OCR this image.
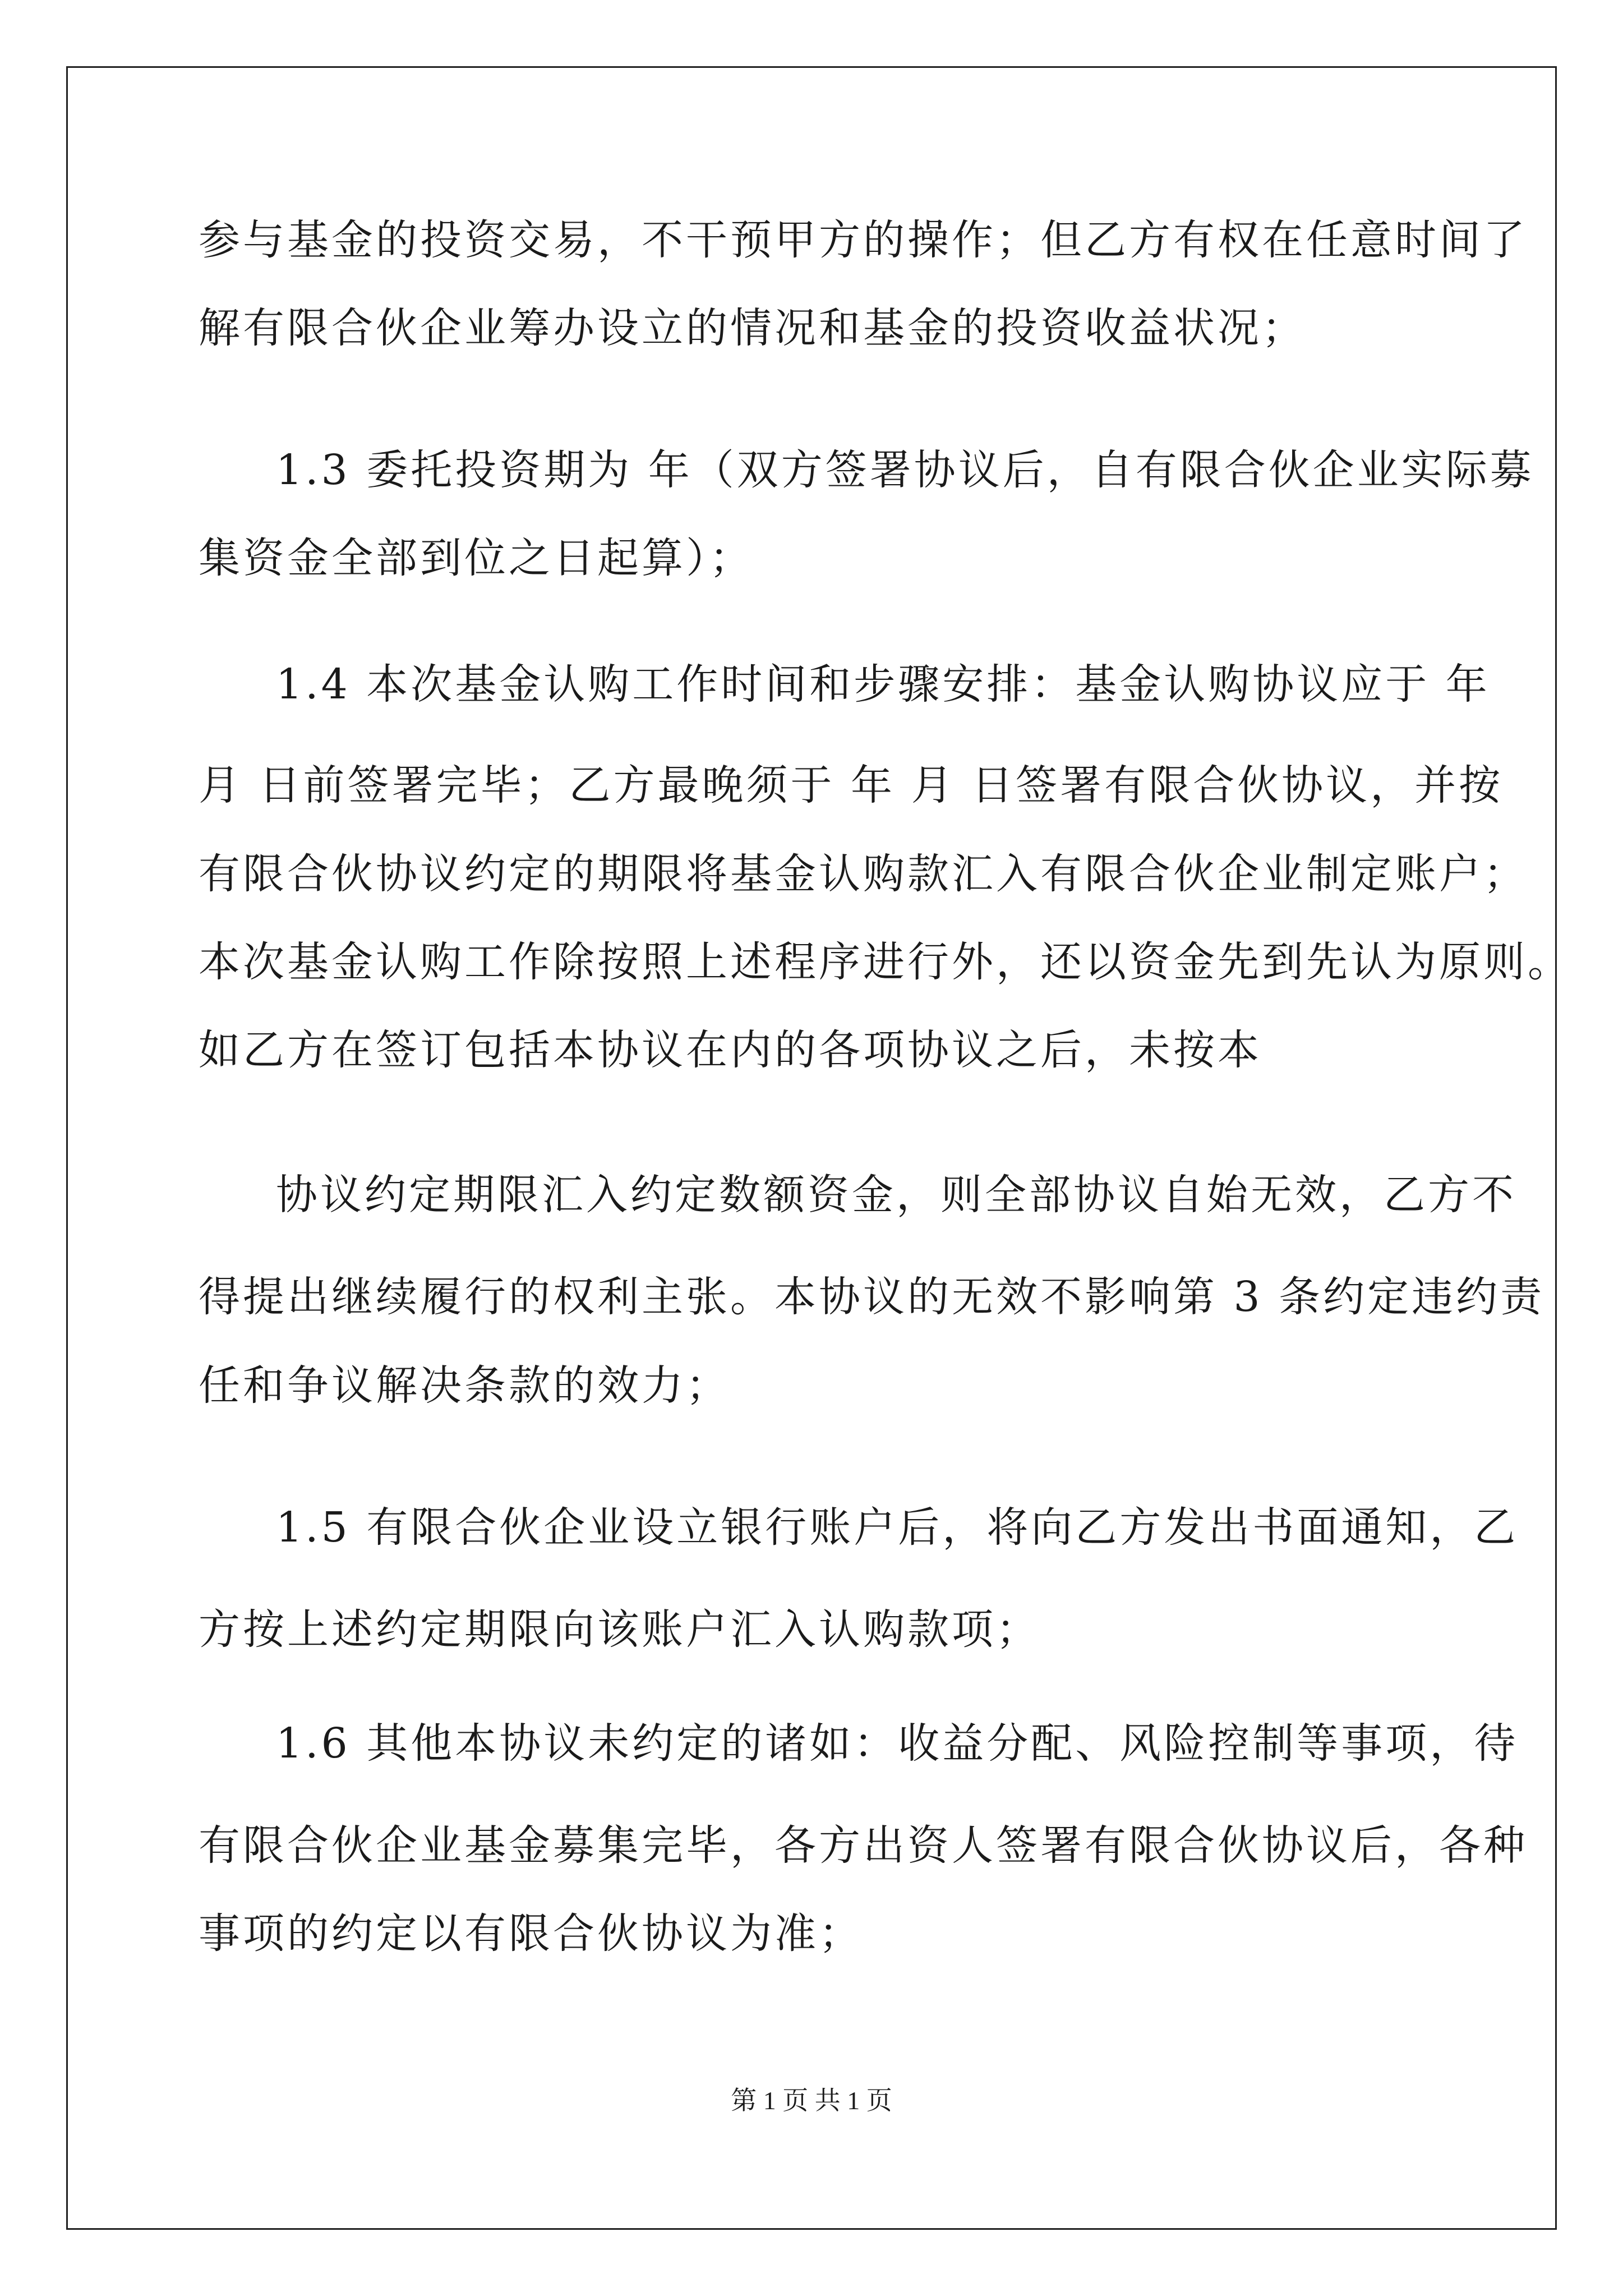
参与基金的投资交易，不干预甲方的操作；但乙方有权在任意时间了
解有限合伙企业筹办设立的情况和基金的投资收益状况；
1.3 委托投资期为 年（双方签署协议后，自有限合伙企业实际募
集资金全部到位之日起算）；
1.4 本次基金认购工作时间和步骤安排：基金认购协议应于 年
月 日前签署完毕；乙方最晚须于 年 月 日签署有限合伙协议，并按
有限合伙协议约定的期限将基金认购款汇入有限合伙企业制定账户；
本次基金认购工作除按照上述程序进行外，还以资金先到先认为原则。
如乙方在签订包括本协议在内的各项协议之后，未按本
协议约定期限汇入约定数额资金，则全部协议自始无效，乙方不
得提出继续履行的权利主张。本协议的无效不影响第 3 条约定违约责
任和争议解决条款的效力；
1.5 有限合伙企业设立银行账户后，将向乙方发出书面通知，乙
方按上述约定期限向该账户汇入认购款项；
1.6 其他本协议未约定的诸如：收益分配、风险控制等事项，待
有限合伙企业基金募集完毕，各方出资人签署有限合伙协议后，各种
事项的约定以有限合伙协议为准；
第 1 页 共 1 页
